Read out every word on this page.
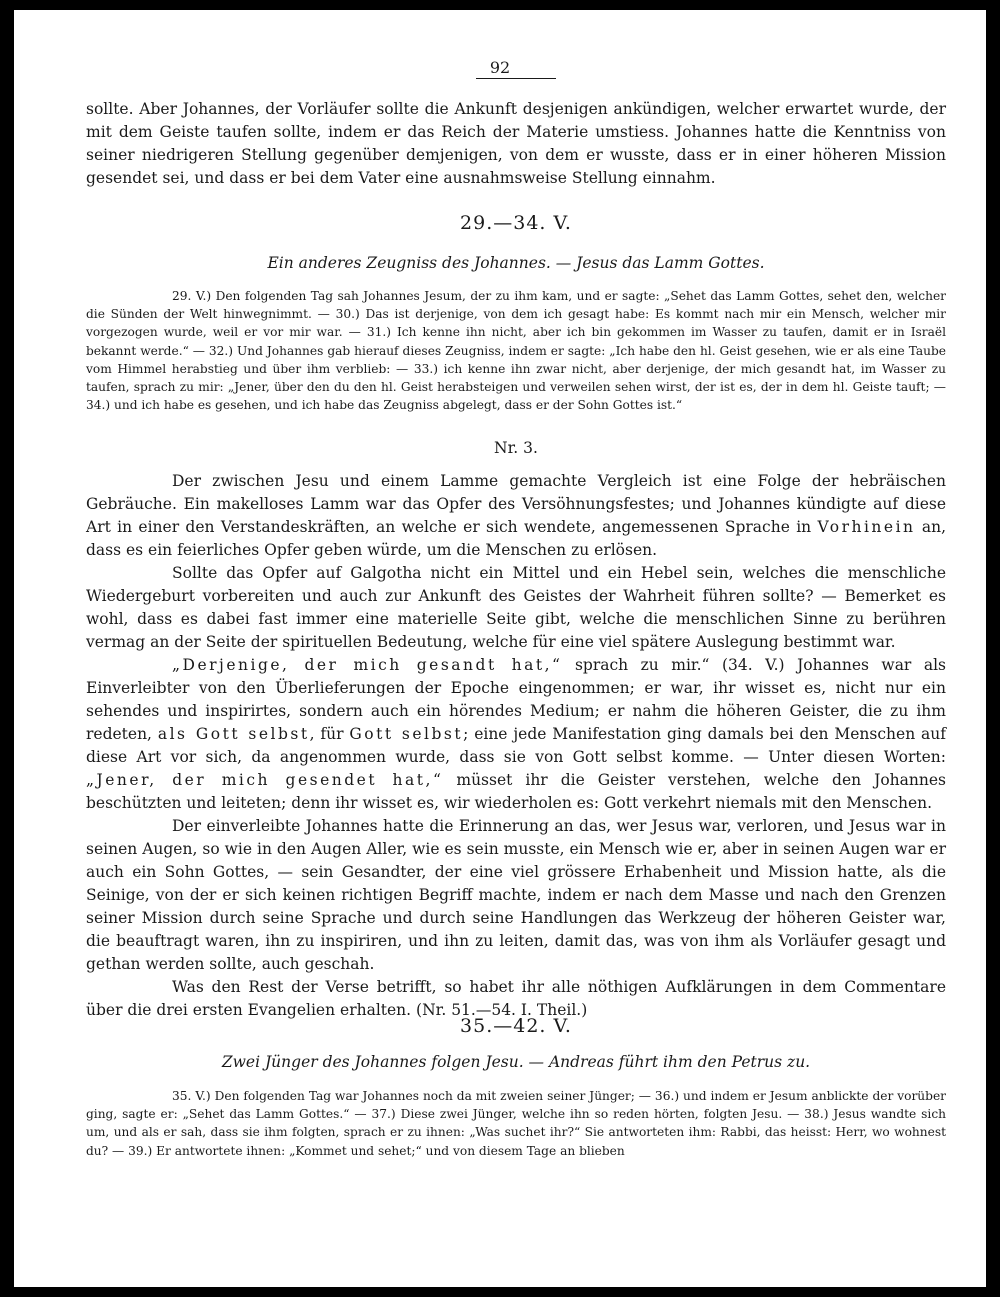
92

sollte. Aber Johannes, der Vorläufer sollte die Ankunft desjenigen ankündigen, welcher erwartet wurde, der mit dem Geiste taufen sollte, indem er das Reich der Materie umstiess. Johannes hatte die Kenntniss von seiner niedrigeren Stellung gegenüber demjenigen, von dem er wusste, dass er in einer höheren Mission gesendet sei, und dass er bei dem Vater eine ausnahmsweise Stellung einnahm.

29.—34. V.
Ein anderes Zeugniss des Johannes. — Jesus das Lamm Gottes.

29. V.) Den folgenden Tag sah Johannes Jesum, der zu ihm kam, und er sagte: „Sehet das Lamm Gottes, sehet den, welcher die Sünden der Welt hinwegnimmt. — 30.) Das ist derjenige, von dem ich gesagt habe: Es kommt nach mir ein Mensch, welcher mir vorgezogen wurde, weil er vor mir war. — 31.) Ich kenne ihn nicht, aber ich bin gekommen im Wasser zu taufen, damit er in Israël bekannt werde.“ — 32.) Und Johannes gab hierauf dieses Zeugniss, indem er sagte: „Ich habe den hl. Geist gesehen, wie er als eine Taube vom Himmel herabstieg und über ihm verblieb: — 33.) ich kenne ihn zwar nicht, aber derjenige, der mich gesandt hat, im Wasser zu taufen, sprach zu mir: „Jener, über den du den hl. Geist herabsteigen und verweilen sehen wirst, der ist es, der in dem hl. Geiste tauft; — 34.) und ich habe es gesehen, und ich habe das Zeugniss abgelegt, dass er der Sohn Gottes ist.“

Nr. 3.

Der zwischen Jesu und einem Lamme gemachte Vergleich ist eine Folge der hebräischen Gebräuche. Ein makelloses Lamm war das Opfer des Versöhnungsfestes; und Johannes kündigte auf diese Art in einer den Verstandeskräften, an welche er sich wendete, angemessenen Sprache in Vorhinein an, dass es ein feierliches Opfer geben würde, um die Menschen zu erlösen.

Sollte das Opfer auf Galgotha nicht ein Mittel und ein Hebel sein, welches die menschliche Wiedergeburt vorbereiten und auch zur Ankunft des Geistes der Wahrheit führen sollte? — Bemerket es wohl, dass es dabei fast immer eine materielle Seite gibt, welche die menschlichen Sinne zu berühren vermag an der Seite der spirituellen Bedeutung, welche für eine viel spätere Auslegung bestimmt war.

„Derjenige, der mich gesandt hat,“ sprach zu mir.“ (34. V.) Johannes war als Einverleibter von den Überlieferungen der Epoche eingenommen; er war, ihr wisset es, nicht nur ein sehendes und inspirirtes, sondern auch ein hörendes Medium; er nahm die höheren Geister, die zu ihm redeten, als Gott selbst, für Gott selbst; eine jede Manifestation ging damals bei den Menschen auf diese Art vor sich, da angenommen wurde, dass sie von Gott selbst komme. — Unter diesen Worten: „Jener, der mich gesendet hat,“ müsset ihr die Geister verstehen, welche den Johannes beschützten und leiteten; denn ihr wisset es, wir wiederholen es: Gott verkehrt niemals mit den Menschen.

Der einverleibte Johannes hatte die Erinnerung an das, wer Jesus war, verloren, und Jesus war in seinen Augen, so wie in den Augen Aller, wie es sein musste, ein Mensch wie er, aber in seinen Augen war er auch ein Sohn Gottes, — sein Gesandter, der eine viel grössere Erhabenheit und Mission hatte, als die Seinige, von der er sich keinen richtigen Begriff machte, indem er nach dem Masse und nach den Grenzen seiner Mission durch seine Sprache und durch seine Handlungen das Werkzeug der höheren Geister war, die beauftragt waren, ihn zu inspiriren, und ihn zu leiten, damit das, was von ihm als Vorläufer gesagt und gethan werden sollte, auch geschah.

Was den Rest der Verse betrifft, so habet ihr alle nöthigen Aufklärungen in dem Commentare über die drei ersten Evangelien erhalten. (Nr. 51.—54. I. Theil.)

35.—42. V.
Zwei Jünger des Johannes folgen Jesu. — Andreas führt ihm den Petrus zu.

35. V.) Den folgenden Tag war Johannes noch da mit zweien seiner Jünger; — 36.) und indem er Jesum anblickte der vorüber ging, sagte er: „Sehet das Lamm Gottes.“ — 37.) Diese zwei Jünger, welche ihn so reden hörten, folgten Jesu. — 38.) Jesus wandte sich um, und als er sah, dass sie ihm folgten, sprach er zu ihnen: „Was suchet ihr?“ Sie antworteten ihm: Rabbi, das heisst: Herr, wo wohnest du? — 39.) Er antwortete ihnen: „Kommet und sehet;“ und von diesem Tage an blieben
